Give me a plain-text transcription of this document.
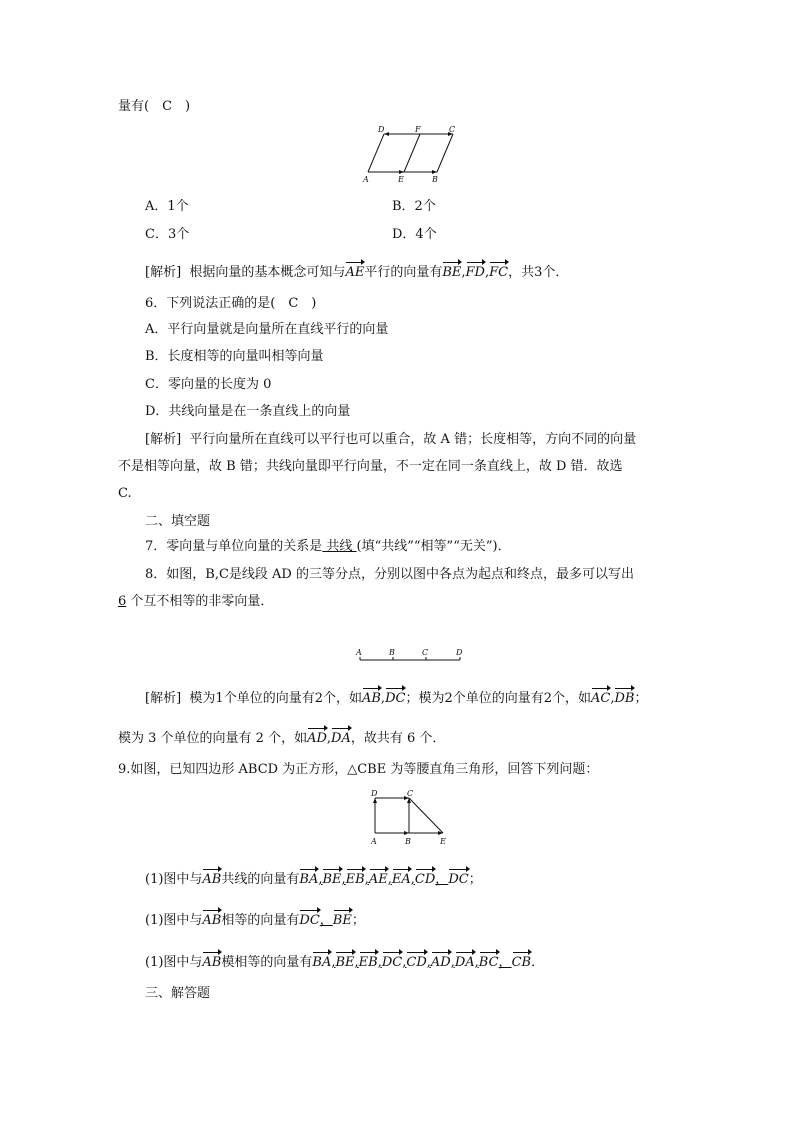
量有(　C　)
D	F	C
A	E	B
A．1个	B．2个
C．3个	D．4个
[解析] 根据向量的基本概念可知与AE平行的向量有BE,FD,FC，共3个．
6．下列说法正确的是(　C　)
A．平行向量就是向量所在直线平行的向量
B．长度相等的向量叫相等向量
C．零向量的长度为 0
D．共线向量是在一条直线上的向量
[解析] 平行向量所在直线可以平行也可以重合，故 A 错；长度相等，方向不同的向量
不是相等向量，故 B 错；共线向量即平行向量，不一定在同一条直线上，故 D 错．故选
C.
二、填空题
7．零向量与单位向量的关系是 共线 (填“共线”“相等”“无关”)．
8．如图，B,C是线段 AD 的三等分点，分别以图中各点为起点和终点，最多可以写出
6 个互不相等的非零向量．
A	B	C	D
[解析] 模为1个单位的向量有2个，如AB,DC；模为2个单位的向量有2个，如AC,DB；
模为 3 个单位的向量有 2 个，如AD,DA，故共有 6 个．
9.如图，已知四边形 ABCD 为正方形，△CBE 为等腰直角三角形，回答下列问题：
D	C
A	B	E
(1)图中与AB共线的向量有BA,BE,EB,AE,EA,CD，DC；
(1)图中与AB相等的向量有DC，BE；
(1)图中与AB模相等的向量有BA,BE,EB,DC,CD,AD,DA,BC，CB．
三、解答题
